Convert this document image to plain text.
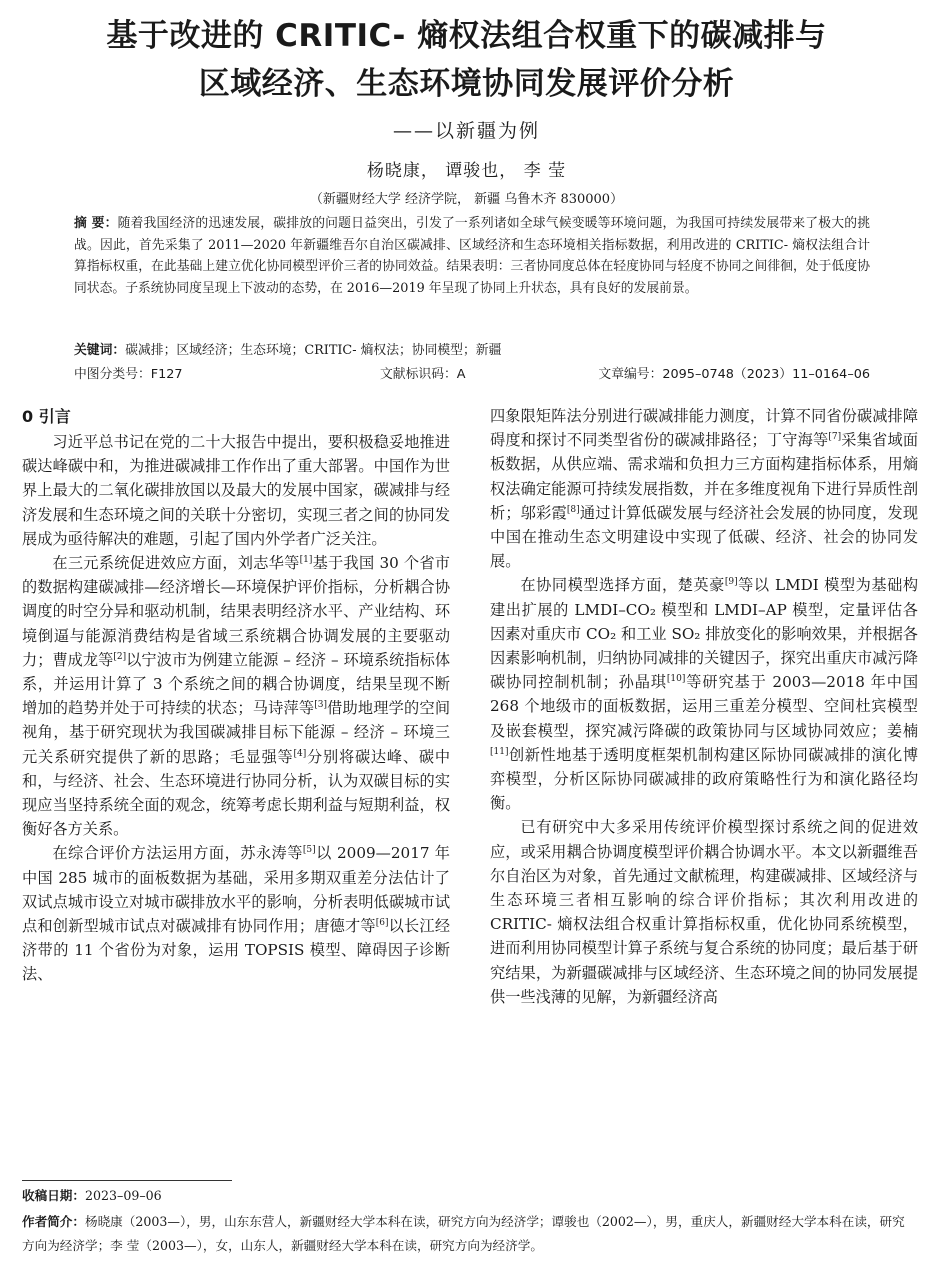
基于改进的 CRITIC- 熵权法组合权重下的碳减排与
区域经济、生态环境协同发展评价分析
——以新疆为例
杨晓康， 谭骏也， 李 莹
（新疆财经大学 经济学院， 新疆 乌鲁木齐 830000）
摘 要：随着我国经济的迅速发展，碳排放的问题日益突出，引发了一系列诸如全球气候变暖等环境问题，为我国可持续发展带来了极大的挑战。因此，首先采集了 2011—2020 年新疆维吾尔自治区碳减排、区域经济和生态环境相关指标数据，利用改进的 CRITIC- 熵权法组合计算指标权重，在此基础上建立优化协同模型评价三者的协同效益。结果表明：三者协同度总体在轻度协同与轻度不协同之间徘徊，处于低度协同状态。子系统协同度呈现上下波动的态势，在 2016—2019 年呈现了协同上升状态，具有良好的发展前景。
关键词：碳减排；区域经济；生态环境；CRITIC- 熵权法；协同模型；新疆
中图分类号：F127	文献标识码：A	文章编号：2095–0748（2023）11–0164–06
0 引言

习近平总书记在党的二十大报告中提出，要积极稳妥地推进碳达峰碳中和，为推进碳减排工作作出了重大部署。中国作为世界上最大的二氧化碳排放国以及最大的发展中国家，碳减排与经济发展和生态环境之间的关联十分密切，实现三者之间的协同发展成为亟待解决的难题，引起了国内外学者广泛关注。

在三元系统促进效应方面，刘志华等[1]基于我国 30 个省市的数据构建碳减排—经济增长—环境保护评价指标，分析耦合协调度的时空分异和驱动机制，结果表明经济水平、产业结构、环境倒逼与能源消费结构是省域三系统耦合协调发展的主要驱动力；曹成龙等[2]以宁波市为例建立能源 – 经济 – 环境系统指标体系，并运用计算了 3 个系统之间的耦合协调度，结果呈现不断增加的趋势并处于可持续的状态；马诗萍等[3]借助地理学的空间视角，基于研究现状为我国碳减排目标下能源 – 经济 – 环境三元关系研究提供了新的思路；毛显强等[4]分别将碳达峰、碳中和，与经济、社会、生态环境进行协同分析，认为双碳目标的实现应当坚持系统全面的观念，统筹考虑长期利益与短期利益，权衡好各方关系。

在综合评价方法运用方面，苏永涛等[5]以 2009—2017 年中国 285 城市的面板数据为基础，采用多期双重差分法估计了双试点城市设立对城市碳排放水平的影响，分析表明低碳城市试点和创新型城市试点对碳减排有协同作用；唐德才等[6]以长江经济带的 11 个省份为对象，运用 TOPSIS 模型、障碍因子诊断法、

四象限矩阵法分别进行碳减排能力测度，计算不同省份碳减排障碍度和探讨不同类型省份的碳减排路径；丁守海等[7]采集省域面板数据，从供应端、需求端和负担力三方面构建指标体系，用熵权法确定能源可持续发展指数，并在多维度视角下进行异质性剖析；邬彩霞[8]通过计算低碳发展与经济社会发展的协同度，发现中国在推动生态文明建设中实现了低碳、经济、社会的协同发展。

在协同模型选择方面，楚英豪[9]等以 LMDI 模型为基础构建出扩展的 LMDI–CO₂ 模型和 LMDI–AP 模型，定量评估各因素对重庆市 CO₂ 和工业 SO₂ 排放变化的影响效果，并根据各因素影响机制，归纳协同减排的关键因子，探究出重庆市减污降碳协同控制机制；孙晶琪[10]等研究基于 2003—2018 年中国 268 个地级市的面板数据，运用三重差分模型、空间杜宾模型及嵌套模型，探究减污降碳的政策协同与区域协同效应；姜楠[11]创新性地基于透明度框架机制构建区际协同碳减排的演化博弈模型，分析区际协同碳减排的政府策略性行为和演化路径均衡。

已有研究中大多采用传统评价模型探讨系统之间的促进效应，或采用耦合协调度模型评价耦合协调水平。本文以新疆维吾尔自治区为对象，首先通过文献梳理，构建碳减排、区域经济与生态环境三者相互影响的综合评价指标；其次利用改进的 CRITIC- 熵权法组合权重计算指标权重，优化协同系统模型，进而利用协同模型计算子系统与复合系统的协同度；最后基于研究结果，为新疆碳减排与区域经济、生态环境之间的协同发展提供一些浅薄的见解，为新疆经济高

收稿日期：2023–09–06
作者简介：杨晓康（2003—），男，山东东营人，新疆财经大学本科在读，研究方向为经济学；谭骏也（2002—），男，重庆人，新疆财经大学本科在读，研究方向为经济学；李 莹（2003—），女，山东人，新疆财经大学本科在读，研究方向为经济学。
